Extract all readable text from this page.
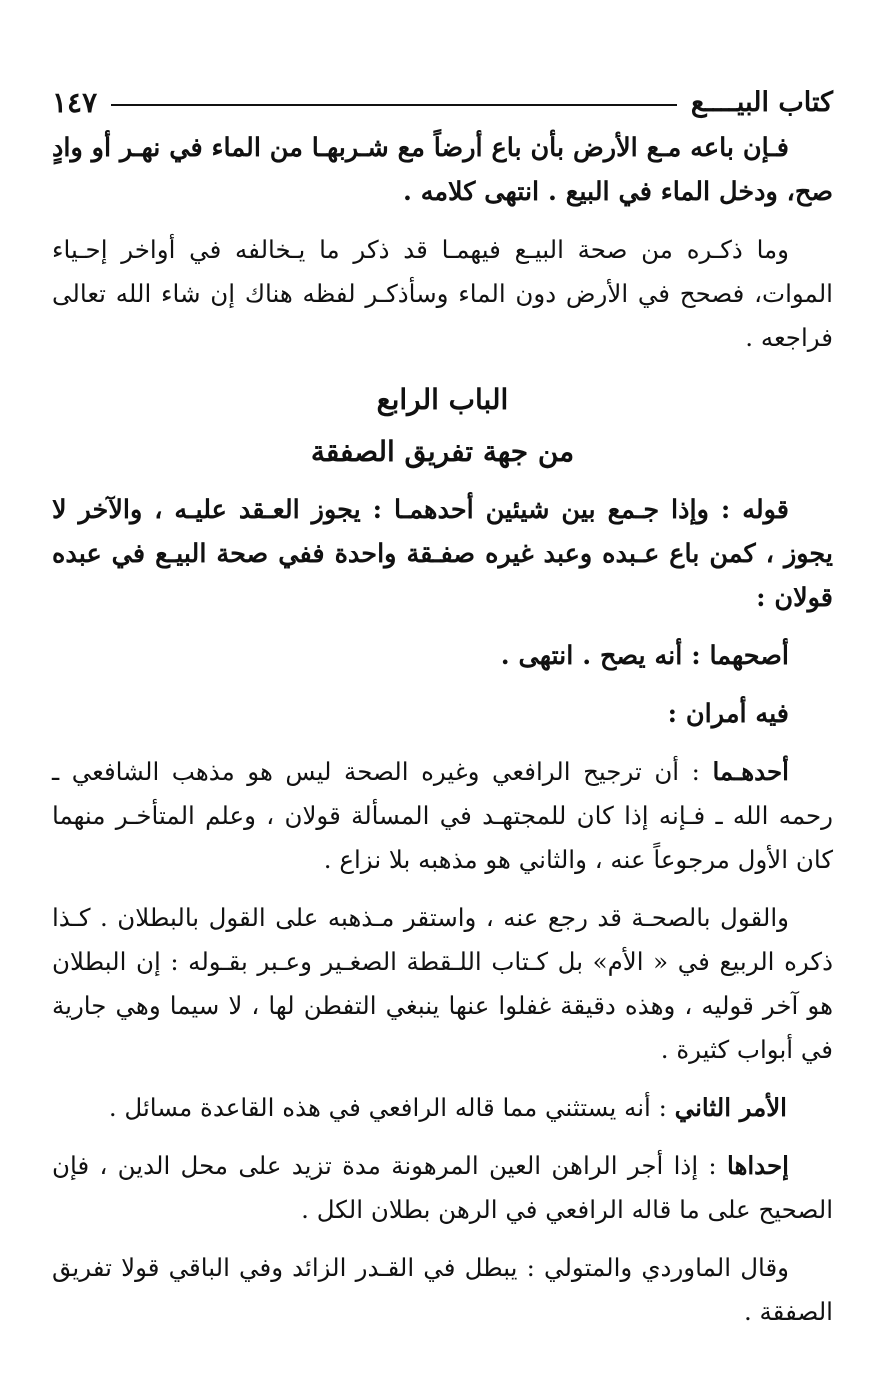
كتاب البيــــع
١٤٧

فـإن باعه مـع الأرض بأن باع أرضاً مع شـربهـا من الماء في نهـر أو وادٍ صح، ودخل الماء في البيع . انتهى كلامه .

وما ذكـره من صحة البيـع فيهمـا قد ذكر ما يـخالفه في أواخر إحـياء الموات، فصحح في الأرض دون الماء وسأذكـر لفظه هناك إن شاء الله تعالى فراجعه .

الباب الرابع

من جهة تفريق الصفقة

قوله : وإذا جـمع بين شيئين أحدهمـا : يجوز العـقد عليـه ، والآخر لا يجوز ، كمن باع عـبده وعبد غيره صفـقة واحدة ففي صحة البيـع في عبده قولان :

أصحهما : أنه يصح . انتهى .

فيه أمران :

أحدهـما : أن ترجيح الرافعي وغيره الصحة ليس هو مذهب الشافعي ـ رحمه الله ـ فـإنه إذا كان للمجتهـد في المسألة قولان ، وعلم المتأخـر منهما كان الأول مرجوعاً عنه ، والثاني هو مذهبه بلا نزاع .

والقول بالصحـة قد رجع عنه ، واستقر مـذهبه على القول بالبطلان . كـذا ذكره الربيع في « الأم» بل كـتاب اللـقطة الصغـير وعـبر بقـوله : إن البطلان هو آخر قوليه ، وهذه دقيقة غفلوا عنها ينبغي التفطن لها ، لا سيما وهي جارية في أبواب كثيرة .

الأمر الثاني : أنه يستثني مما قاله الرافعي في هذه القاعدة مسائل .

إحداها : إذا أجر الراهن العين المرهونة مدة تزيد على محل الدين ، فإن الصحيح على ما قاله الرافعي في الرهن بطلان الكل .

وقال الماوردي والمتولي : يبطل في القـدر الزائد وفي الباقي قولا تفريق الصفقة .
